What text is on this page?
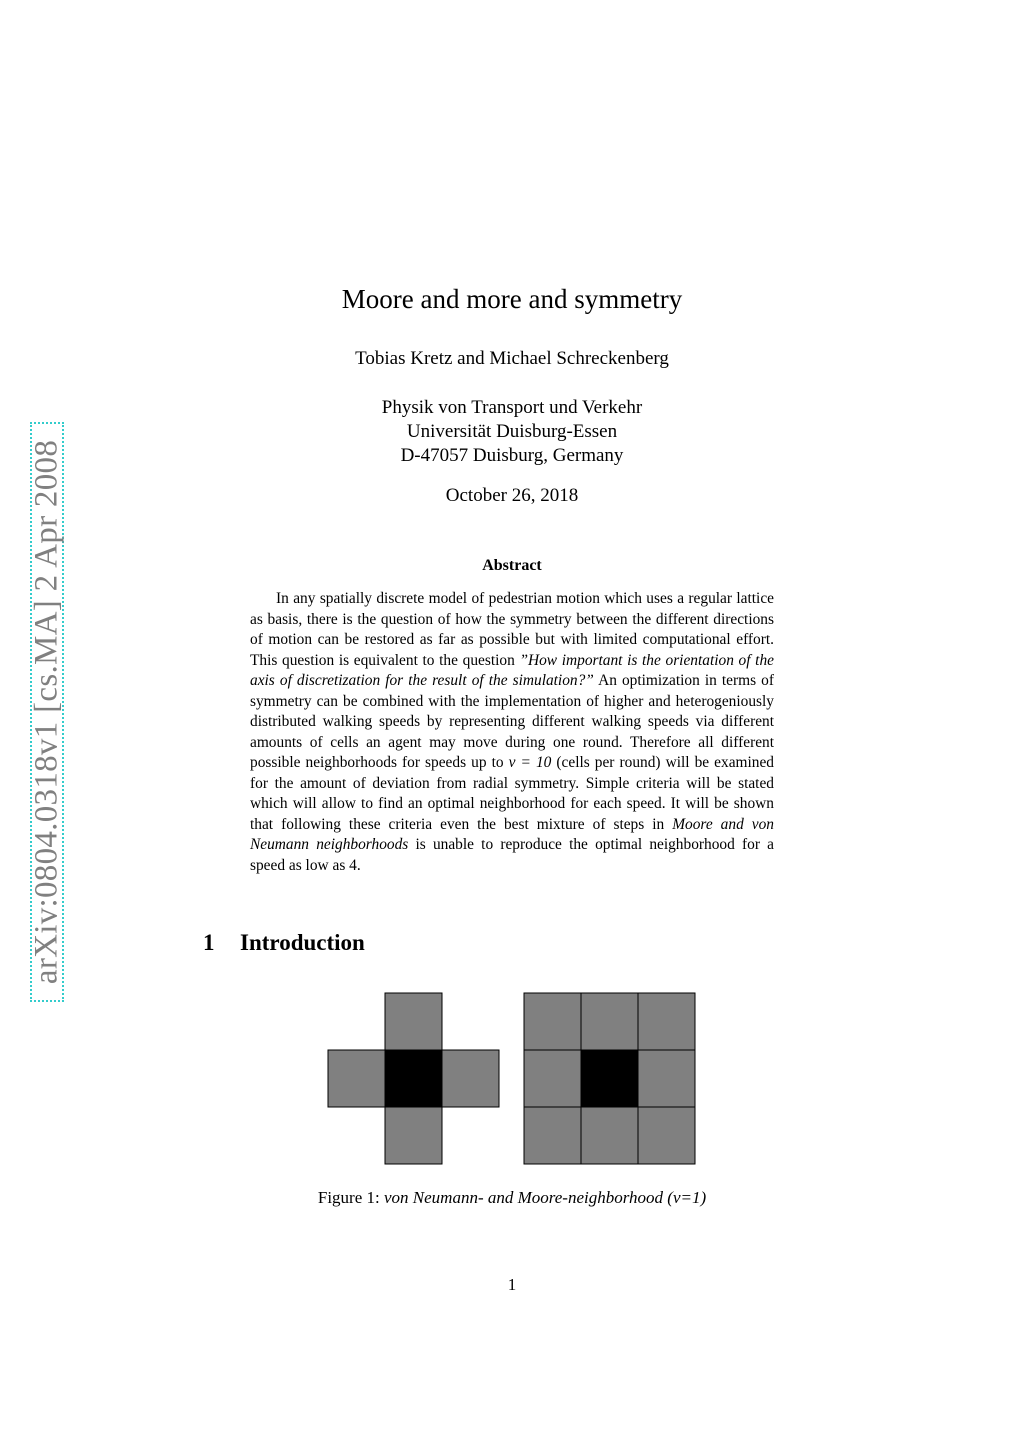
arXiv:0804.0318v1 [cs.MA] 2 Apr 2008
Moore and more and symmetry
Tobias Kretz and Michael Schreckenberg
Physik von Transport und Verkehr
Universität Duisburg-Essen
D-47057 Duisburg, Germany
October 26, 2018
Abstract
In any spatially discrete model of pedestrian motion which uses a regular lattice as basis, there is the question of how the symmetry between the different directions of motion can be restored as far as possible but with limited computational effort. This question is equivalent to the question ”How important is the orientation of the axis of discretization for the result of the simulation?” An optimization in terms of symmetry can be combined with the implementation of higher and heterogeniously distributed walking speeds by representing different walking speeds via different amounts of cells an agent may move during one round. Therefore all different possible neighborhoods for speeds up to v = 10 (cells per round) will be examined for the amount of deviation from radial symmetry. Simple criteria will be stated which will allow to find an optimal neighborhood for each speed. It will be shown that following these criteria even the best mixture of steps in Moore and von Neumann neighborhoods is unable to reproduce the optimal neighborhood for a speed as low as 4.
1 Introduction
Figure 1: von Neumann- and Moore-neighborhood (v=1)
1
